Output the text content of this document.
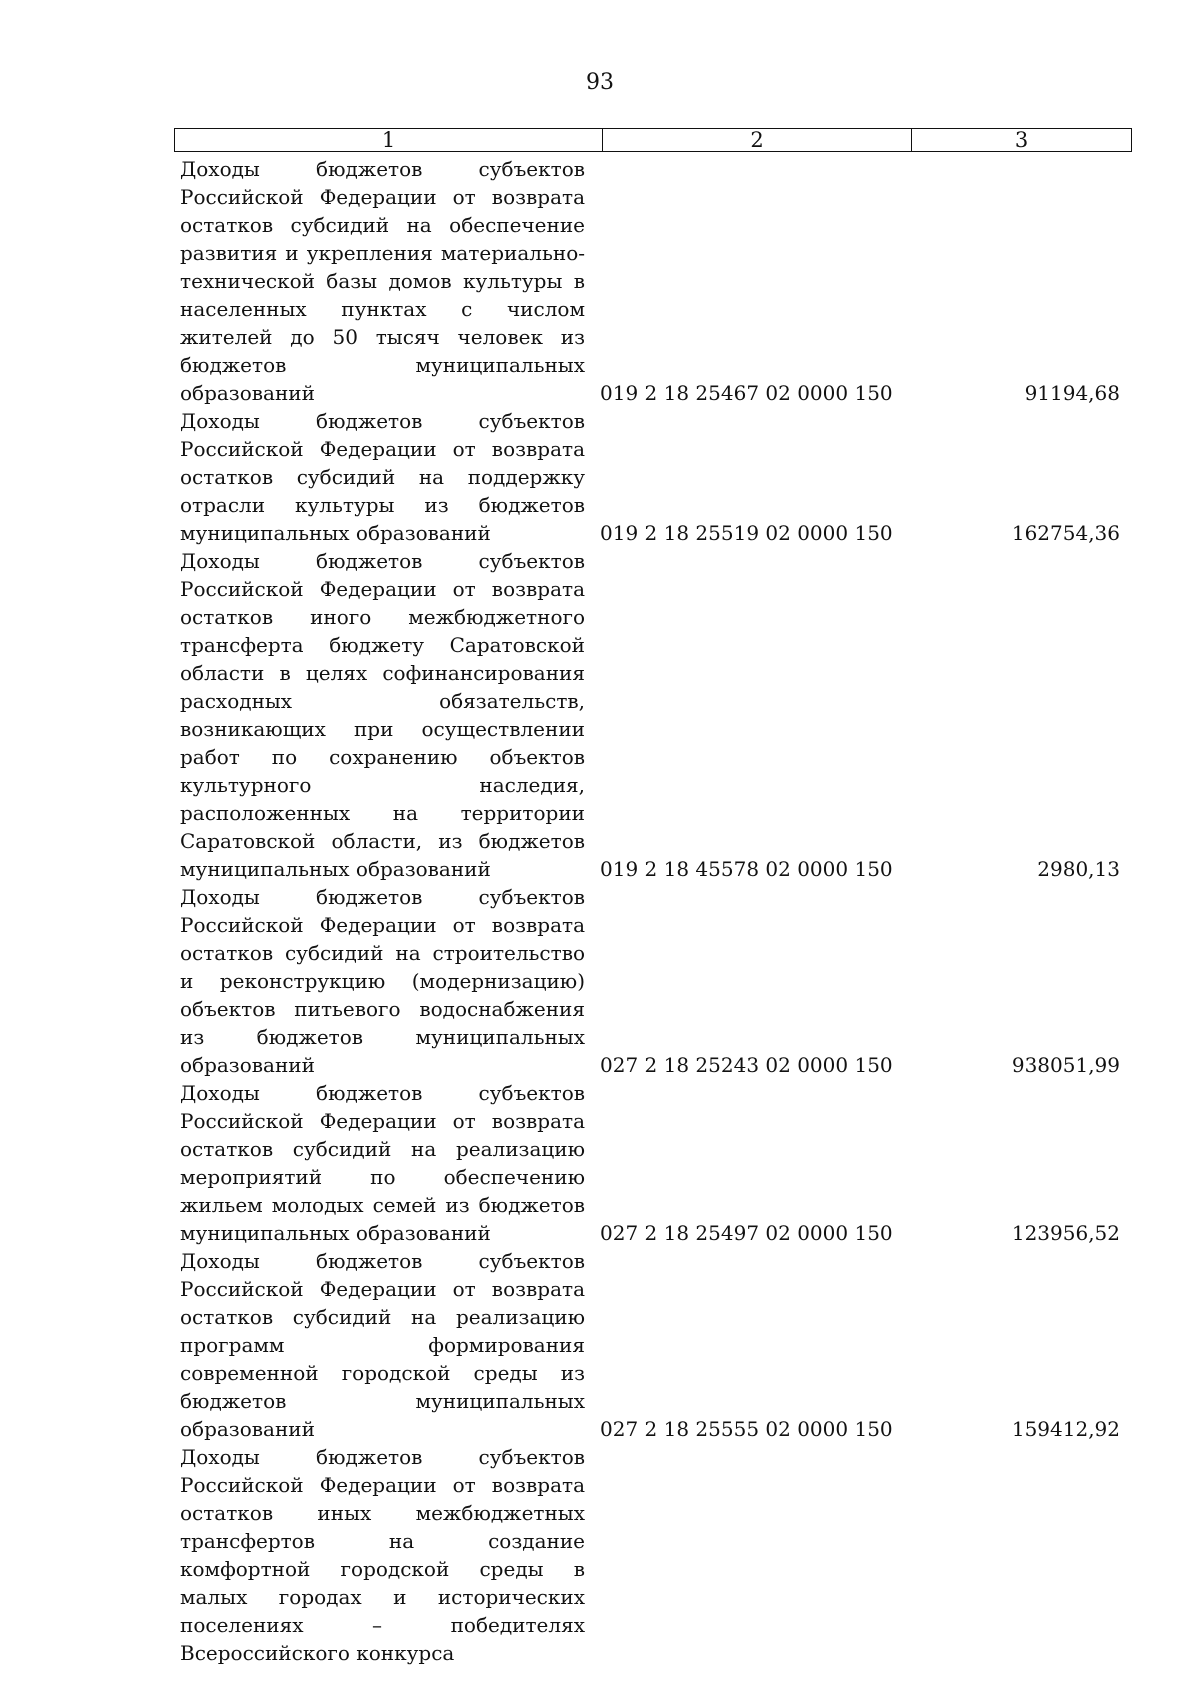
93
1	2	3
Доходы бюджетов субъектов Российской Федерации от возврата остатков субсидий на обеспечение развития и укрепления материально-технической базы домов культуры в населенных пунктах с числом жителей до 50 тысяч человек из бюджетов муниципальных образований	019 2 18 25467 02 0000 150	91194,68
Доходы бюджетов субъектов Российской Федерации от возврата остатков субсидий на поддержку отрасли культуры из бюджетов муниципальных образований	019 2 18 25519 02 0000 150	162754,36
Доходы бюджетов субъектов Российской Федерации от возврата остатков иного межбюджетного трансферта бюджету Саратовской области в целях софинансирования расходных обязательств, возникающих при осуществлении работ по сохранению объектов культурного наследия, расположенных на территории Саратовской области, из бюджетов муниципальных образований	019 2 18 45578 02 0000 150	2980,13
Доходы бюджетов субъектов Российской Федерации от возврата остатков субсидий на строительство и реконструкцию (модернизацию) объектов питьевого водоснабжения из бюджетов муниципальных образований	027 2 18 25243 02 0000 150	938051,99
Доходы бюджетов субъектов Российской Федерации от возврата остатков субсидий на реализацию мероприятий по обеспечению жильем молодых семей из бюджетов муниципальных образований	027 2 18 25497 02 0000 150	123956,52
Доходы бюджетов субъектов Российской Федерации от возврата остатков субсидий на реализацию программ формирования современной городской среды из бюджетов муниципальных образований	027 2 18 25555 02 0000 150	159412,92
Доходы бюджетов субъектов Российской Федерации от возврата остатков иных межбюджетных трансфертов на создание комфортной городской среды в малых городах и исторических поселениях – победителях Всероссийского конкурса
